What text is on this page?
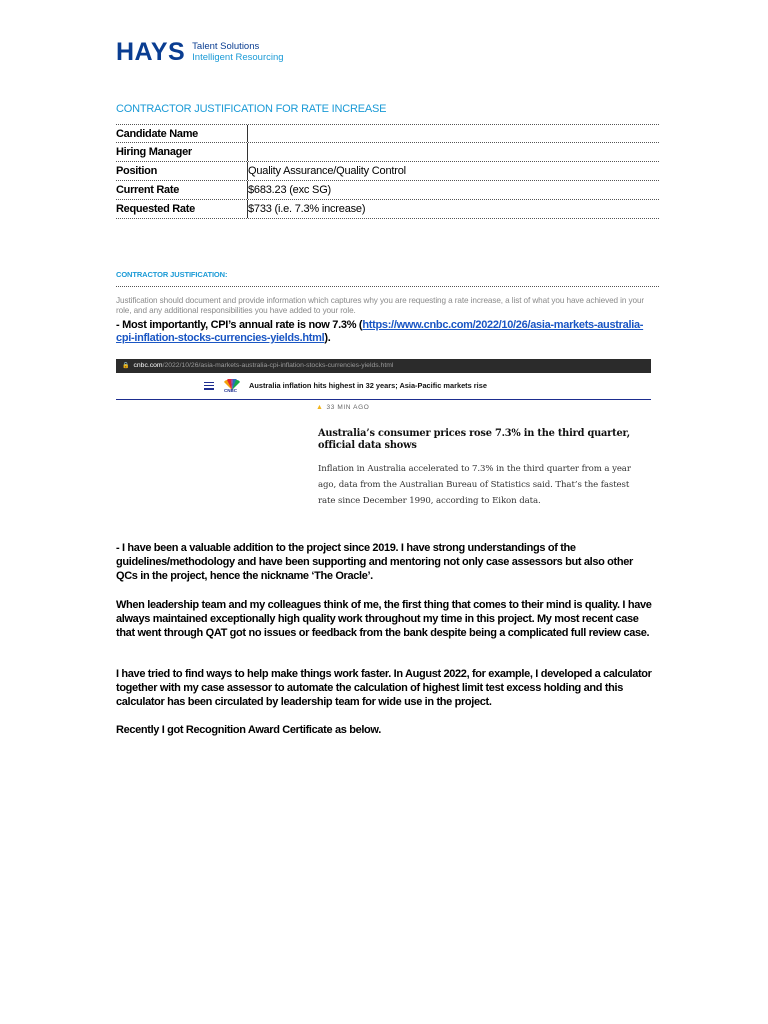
HAYS Talent Solutions
Intelligent Resourcing
CONTRACTOR JUSTIFICATION FOR RATE INCREASE
Candidate Name
Hiring Manager
Position	Quality Assurance/Quality Control
Current Rate	$683.23 (exc SG)
Requested Rate	$733 (i.e. 7.3% increase)
CONTRACTOR JUSTIFICATION:
Justification should document and provide information which captures why you are requesting a rate increase, a list of what you have achieved in your role, and any additional responsibilities you have added to your role.
- Most importantly, CPI’s annual rate is now 7.3% (https://www.cnbc.com/2022/10/26/asia-markets-australia-cpi-inflation-stocks-currencies-yields.html).
🔒 cnbc.com /2022/10/26/asia-markets-australia-cpi-inflation-stocks-currencies-yields.html
CNBC
Australia inflation hits highest in 32 years; Asia-Pacific markets rise
▲ 33 MIN AGO
Australia’s consumer prices rose 7.3% in the third quarter, official data shows
Inflation in Australia accelerated to 7.3% in the third quarter from a year ago, data from the Australian Bureau of Statistics said. That’s the fastest rate since December 1990, according to Eikon data.
- I have been a valuable addition to the project since 2019. I have strong understandings of the guidelines/methodology and have been supporting and mentoring not only case assessors but also other QCs in the project, hence the nickname ‘The Oracle’.
When leadership team and my colleagues think of me, the first thing that comes to their mind is quality. I have always maintained exceptionally high quality work throughout my time in this project. My most recent case that went through QAT got no issues or feedback from the bank despite being a complicated full review case.
I have tried to find ways to help make things work faster. In August 2022, for example, I developed a calculator together with my case assessor to automate the calculation of highest limit test excess holding and this calculator has been circulated by leadership team for wide use in the project.
Recently I got Recognition Award Certificate as below.
